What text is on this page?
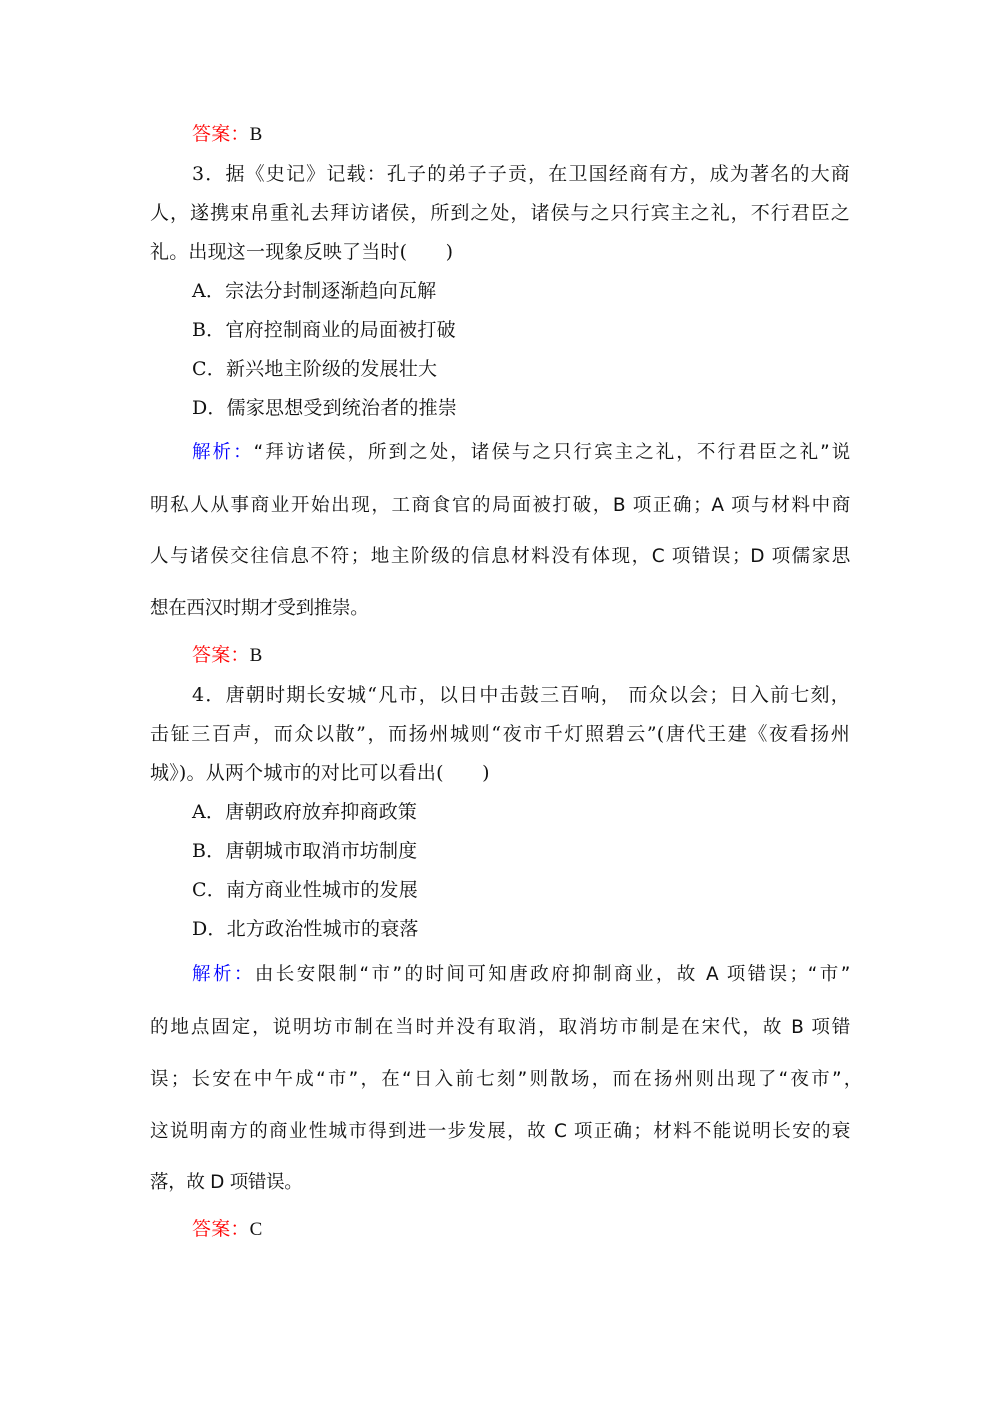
答案：B
3．据《史记》记载：孔子的弟子子贡，在卫国经商有方，成为著名的大商
人，遂携束帛重礼去拜访诸侯，所到之处，诸侯与之只行宾主之礼，不行君臣之
礼。出现这一现象反映了当时(　　)
A．宗法分封制逐渐趋向瓦解
B．官府控制商业的局面被打破
C．新兴地主阶级的发展壮大
D．儒家思想受到统治者的推崇
解析：“拜访诸侯，所到之处，诸侯与之只行宾主之礼，不行君臣之礼”说
明私人从事商业开始出现，工商食官的局面被打破，B 项正确；A 项与材料中商
人与诸侯交往信息不符；地主阶级的信息材料没有体现，C 项错误；D 项儒家思
想在西汉时期才受到推崇。
答案：B
4．唐朝时期长安城“凡市，以日中击鼓三百响， 而众以会；日入前七刻，
击钲三百声，而众以散”，而扬州城则“夜市千灯照碧云”(唐代王建《夜看扬州
城》)。从两个城市的对比可以看出(　　)
A．唐朝政府放弃抑商政策
B．唐朝城市取消市坊制度
C．南方商业性城市的发展
D．北方政治性城市的衰落
解析：由长安限制“市”的时间可知唐政府抑制商业，故 A 项错误；“市”
的地点固定，说明坊市制在当时并没有取消，取消坊市制是在宋代，故 B 项错
误；长安在中午成“市”，在“日入前七刻”则散场，而在扬州则出现了“夜市”，
这说明南方的商业性城市得到进一步发展，故 C 项正确；材料不能说明长安的衰
落，故 D 项错误。
答案：C
